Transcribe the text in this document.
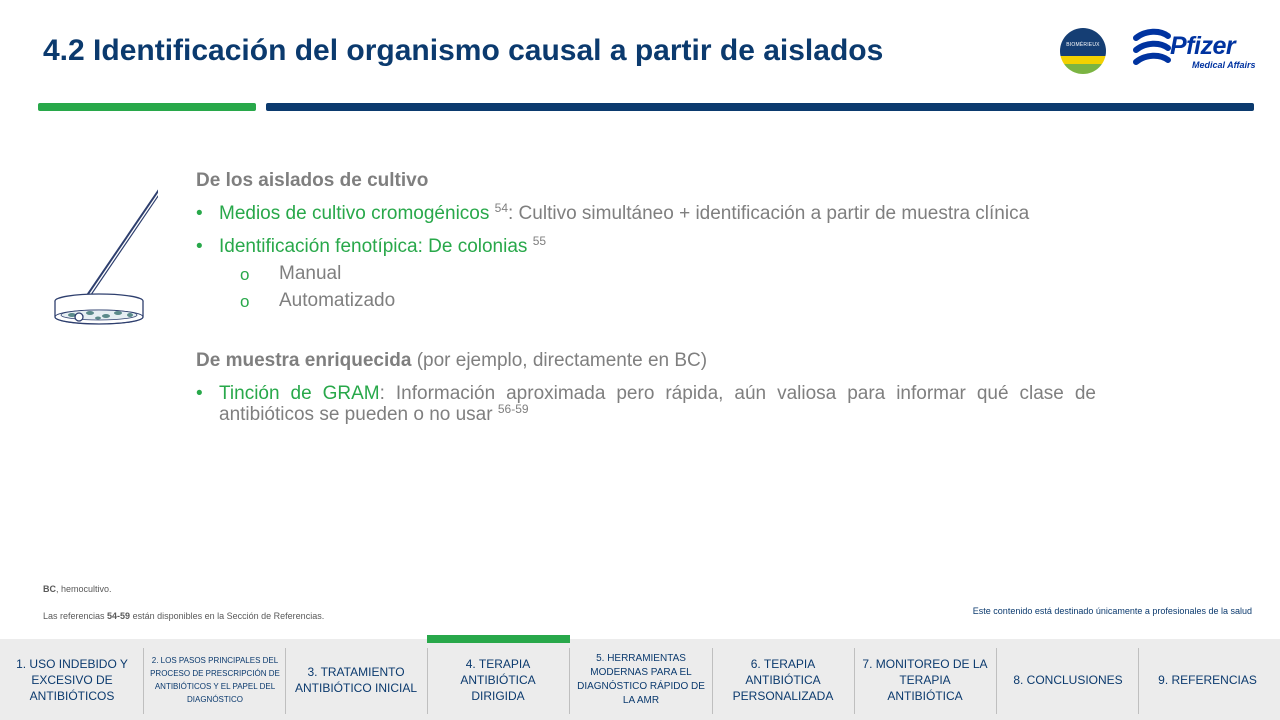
4.2 Identificación del organismo causal a partir de aislados	BIOMÉRIEUX	Pfizer
Medical Affairs
De los aislados de cultivo
• Medios de cultivo cromogénicos $^{54}$: Cultivo simultáneo + identificación a partir de muestra clínica
• Identificación fenotípica: De colonias $^{55}$
o Manual
o Automatizado
De muestra enriquecida (por ejemplo, directamente en BC)
• Tinción de GRAM: Información aproximada pero rápida, aún valiosa para informar qué clase de antibióticos se pueden o no usar $^{56-59}$
BC, hemocultivo.
Las referencias 54-59 están disponibles en la Sección de Referencias.	Este contenido está destinado únicamente a profesionales de la salud
1. USO INDEBIDO Y EXCESIVO DE ANTIBIÓTICOS
2. LOS PASOS PRINCIPALES DEL PROCESO DE PRESCRIPCIÓN DE ANTIBIÓTICOS Y EL PAPEL DEL DIAGNÓSTICO
3. TRATAMIENTO ANTIBIÓTICO INICIAL
4. TERAPIA ANTIBIÓTICA DIRIGIDA
5. HERRAMIENTAS MODERNAS PARA EL DIAGNÓSTICO RÁPIDO DE LA AMR
6. TERAPIA ANTIBIÓTICA PERSONALIZADA
7. MONITOREO DE LA TERAPIA ANTIBIÓTICA
8. CONCLUSIONES	9. REFERENCIAS
